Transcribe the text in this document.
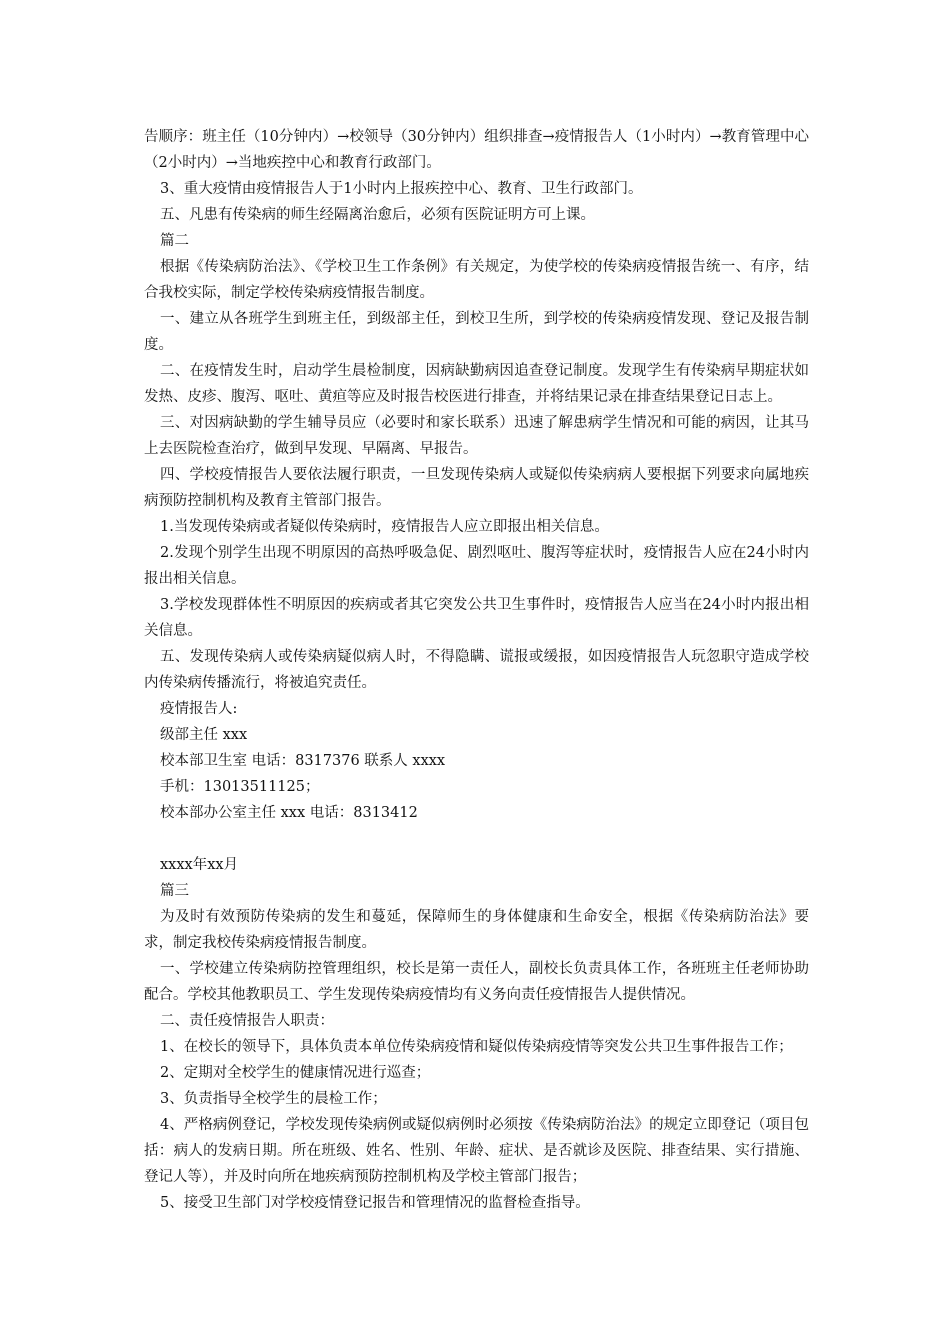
告顺序：班主任（10分钟内）→校领导（30分钟内）组织排查→疫情报告人（1小时内）→教育管理中心（2小时内）→当地疾控中心和教育行政部门。

3、重大疫情由疫情报告人于1小时内上报疾控中心、教育、卫生行政部门。

五、凡患有传染病的师生经隔离治愈后，必须有医院证明方可上课。

篇二

根据《传染病防治法》、《学校卫生工作条例》有关规定，为使学校的传染病疫情报告统一、有序，结合我校实际，制定学校传染病疫情报告制度。

一、建立从各班学生到班主任，到级部主任，到校卫生所，到学校的传染病疫情发现、登记及报告制度。

二、在疫情发生时，启动学生晨检制度，因病缺勤病因追查登记制度。发现学生有传染病早期症状如发热、皮疹、腹泻、呕吐、黄疸等应及时报告校医进行排查，并将结果记录在排查结果登记日志上。

三、对因病缺勤的学生辅导员应（必要时和家长联系）迅速了解患病学生情况和可能的病因，让其马上去医院检查治疗，做到早发现、早隔离、早报告。

四、学校疫情报告人要依法履行职责，一旦发现传染病人或疑似传染病病人要根据下列要求向属地疾病预防控制机构及教育主管部门报告。

1.当发现传染病或者疑似传染病时，疫情报告人应立即报出相关信息。

2.发现个别学生出现不明原因的高热呼吸急促、剧烈呕吐、腹泻等症状时，疫情报告人应在24小时内报出相关信息。

3.学校发现群体性不明原因的疾病或者其它突发公共卫生事件时，疫情报告人应当在24小时内报出相关信息。

五、发现传染病人或传染病疑似病人时，不得隐瞒、谎报或缓报，如因疫情报告人玩忽职守造成学校内传染病传播流行，将被追究责任。

疫情报告人:

级部主任 xxx

校本部卫生室 电话：8317376 联系人 xxxx

手机：13013511125；

校本部办公室主任 xxx 电话：8313412

xxxx年xx月

篇三

为及时有效预防传染病的发生和蔓延，保障师生的身体健康和生命安全，根据《传染病防治法》要求，制定我校传染病疫情报告制度。

一、学校建立传染病防控管理组织，校长是第一责任人，副校长负责具体工作，各班班主任老师协助配合。学校其他教职员工、学生发现传染病疫情均有义务向责任疫情报告人提供情况。

二、责任疫情报告人职责：

1、在校长的领导下，具体负责本单位传染病疫情和疑似传染病疫情等突发公共卫生事件报告工作；

2、定期对全校学生的健康情况进行巡查；

3、负责指导全校学生的晨检工作；

4、严格病例登记，学校发现传染病例或疑似病例时必须按《传染病防治法》的规定立即登记（项目包括：病人的发病日期。所在班级、姓名、性别、年龄、症状、是否就诊及医院、排查结果、实行措施、登记人等），并及时向所在地疾病预防控制机构及学校主管部门报告；

5、接受卫生部门对学校疫情登记报告和管理情况的监督检查指导。
